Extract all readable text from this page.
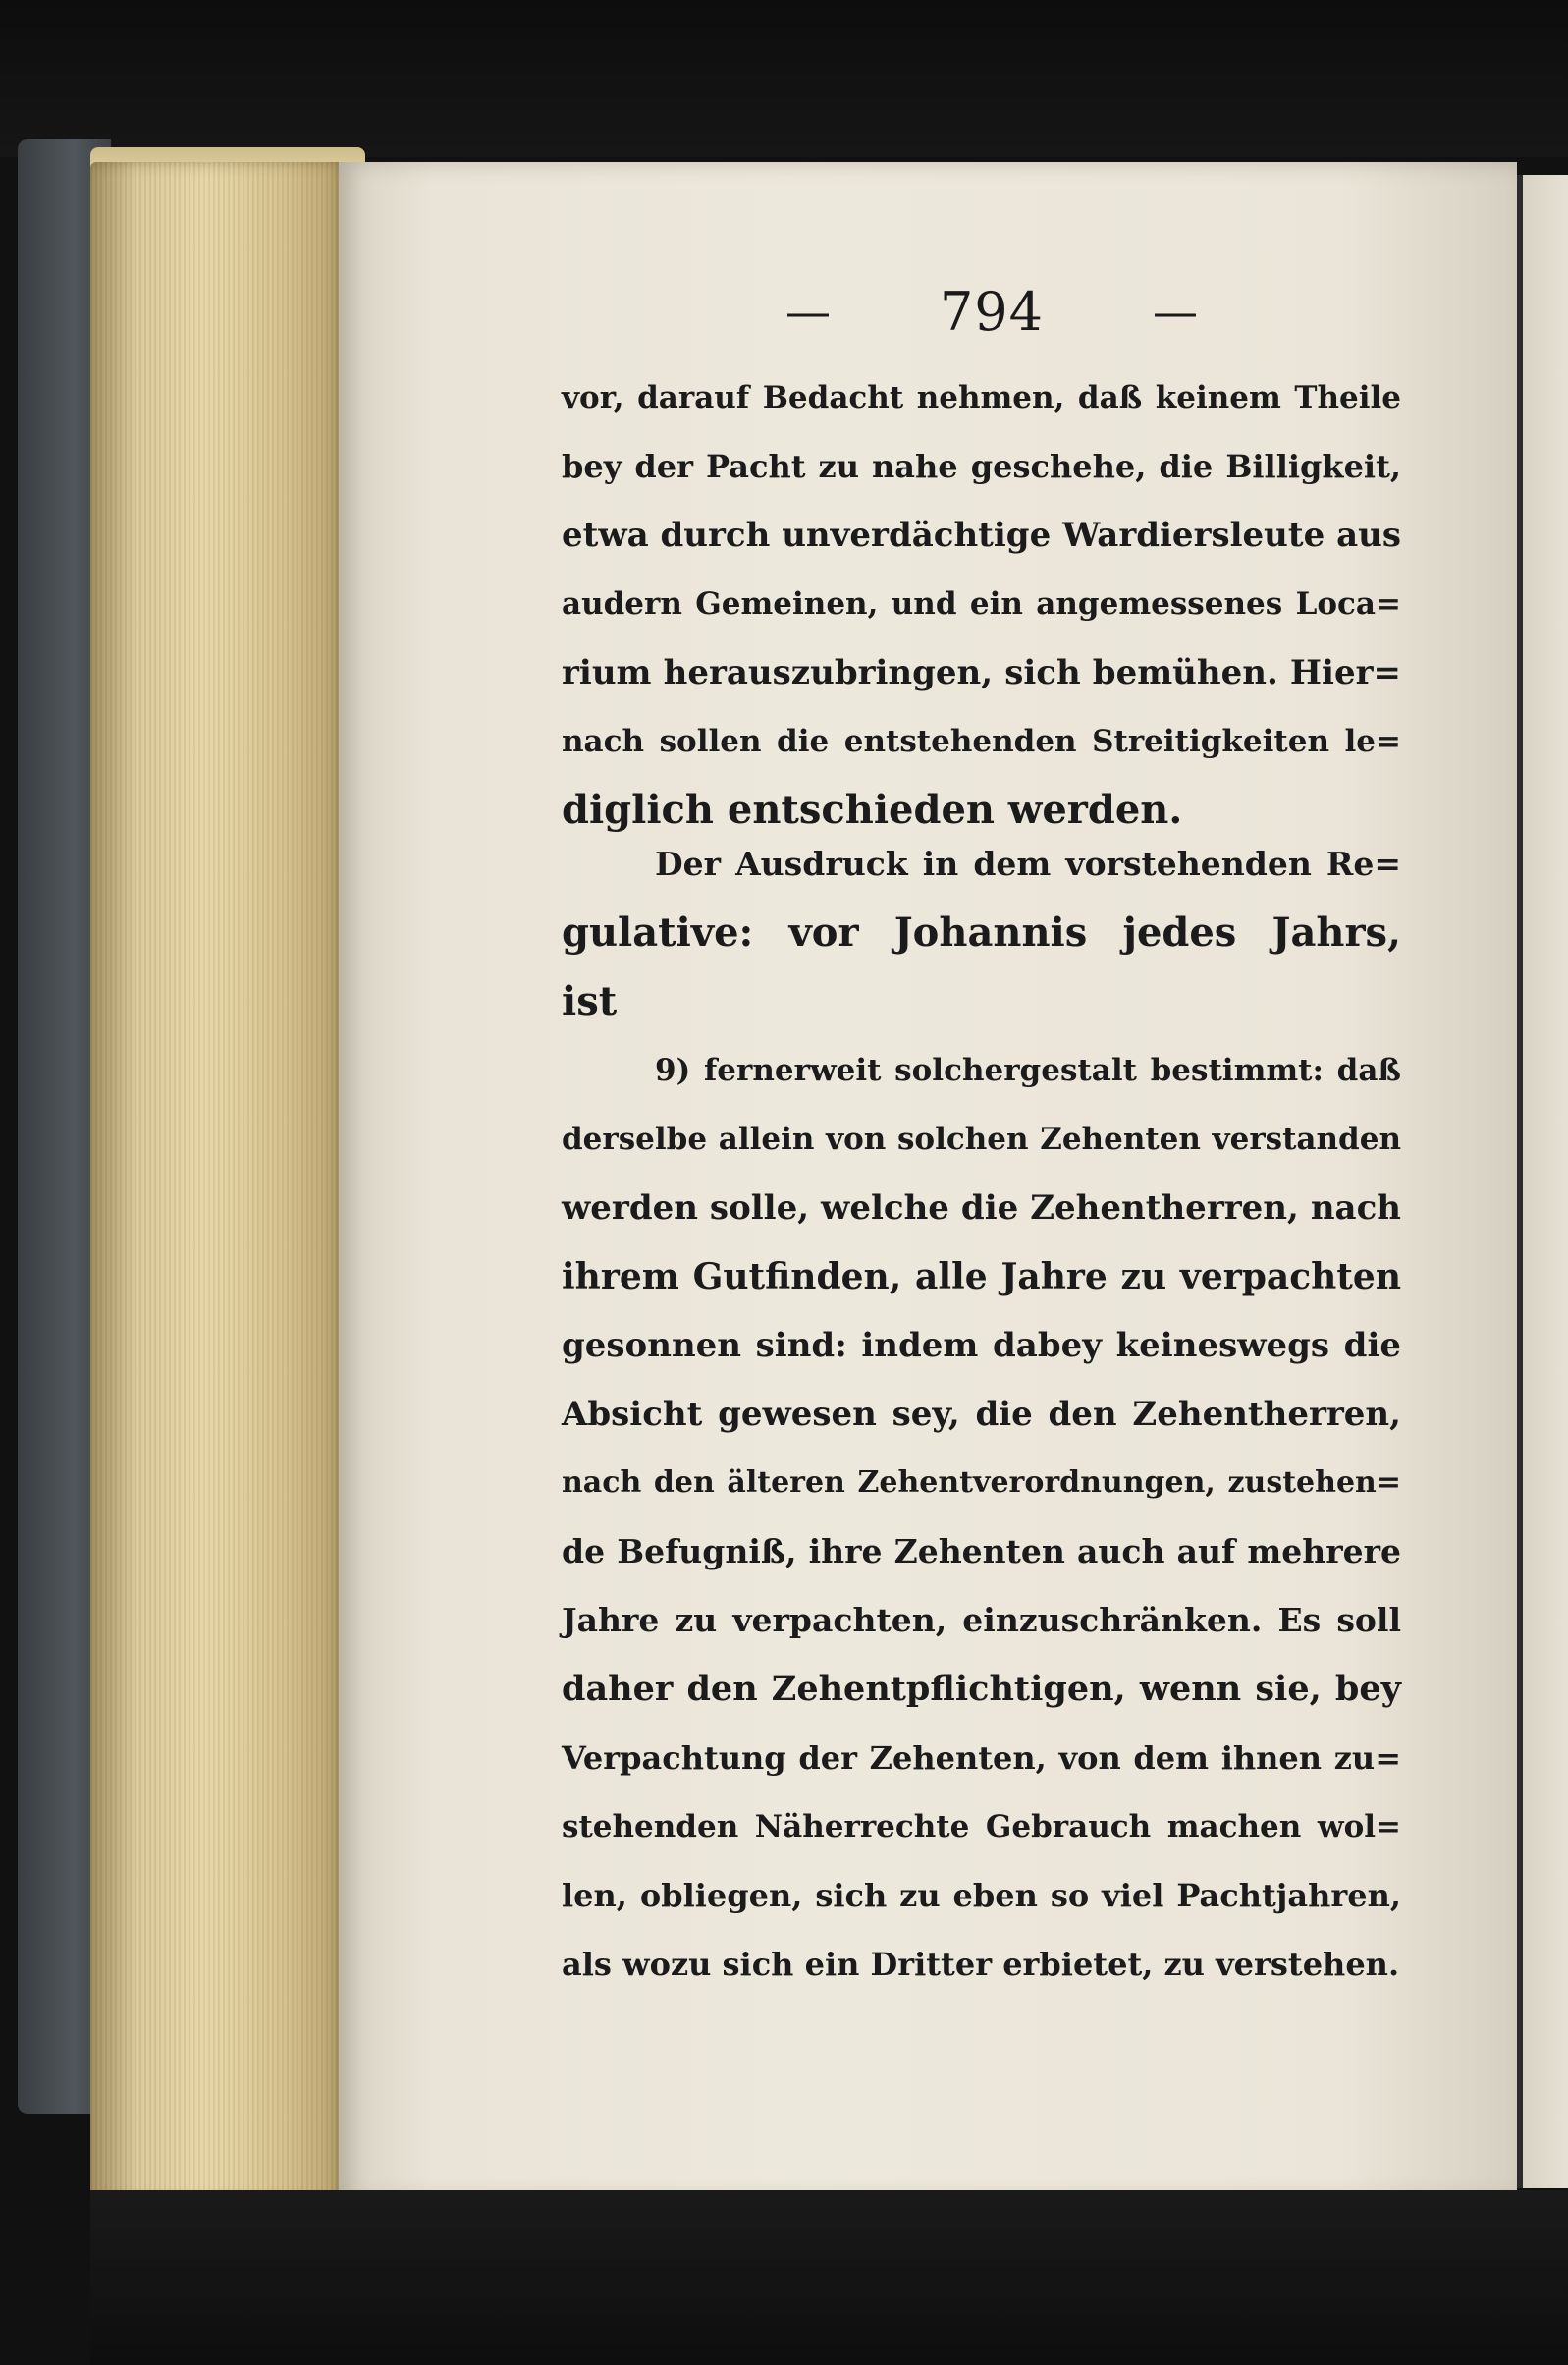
— 794 —
vor, darauf Bedacht nehmen, daß keinem Theile
bey der Pacht zu nahe geschehe, die Billigkeit,
etwa durch unverdächtige Wardiersleute aus
audern Gemeinen, und ein angemessenes Loca=
rium herauszubringen, sich bemühen. Hier=
nach sollen die entstehenden Streitigkeiten le=
diglich entschieden werden.
Der Ausdruck in dem vorstehenden Re=
gulative: vor Johannis jedes Jahrs,
ist
9) fernerweit solchergestalt bestimmt: daß
derselbe allein von solchen Zehenten verstanden
werden solle, welche die Zehentherren, nach
ihrem Gutfinden, alle Jahre zu verpachten
gesonnen sind: indem dabey keineswegs die
Absicht gewesen sey, die den Zehentherren,
nach den älteren Zehentverordnungen, zustehen=
de Befugniß, ihre Zehenten auch auf mehrere
Jahre zu verpachten, einzuschränken. Es soll
daher den Zehentpflichtigen, wenn sie, bey
Verpachtung der Zehenten, von dem ihnen zu=
stehenden Näherrechte Gebrauch machen wol=
len, obliegen, sich zu eben so viel Pachtjahren,
als wozu sich ein Dritter erbietet, zu verstehen.
